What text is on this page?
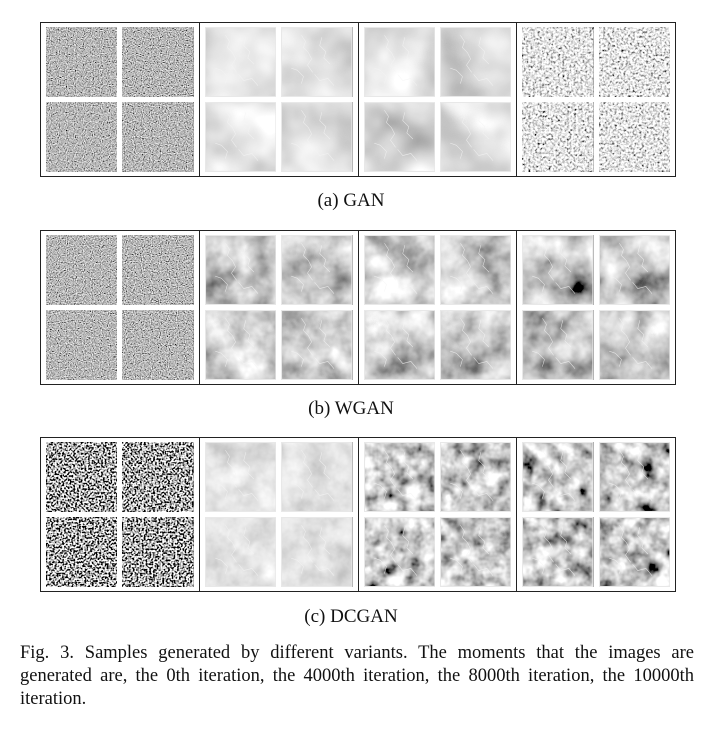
(a) GAN
(b) WGAN
(c) DCGAN
Fig. 3. Samples generated by different variants. The moments that the images are generated are, the 0th iteration, the 4000th iteration, the 8000th iteration, the 10000th iteration.
